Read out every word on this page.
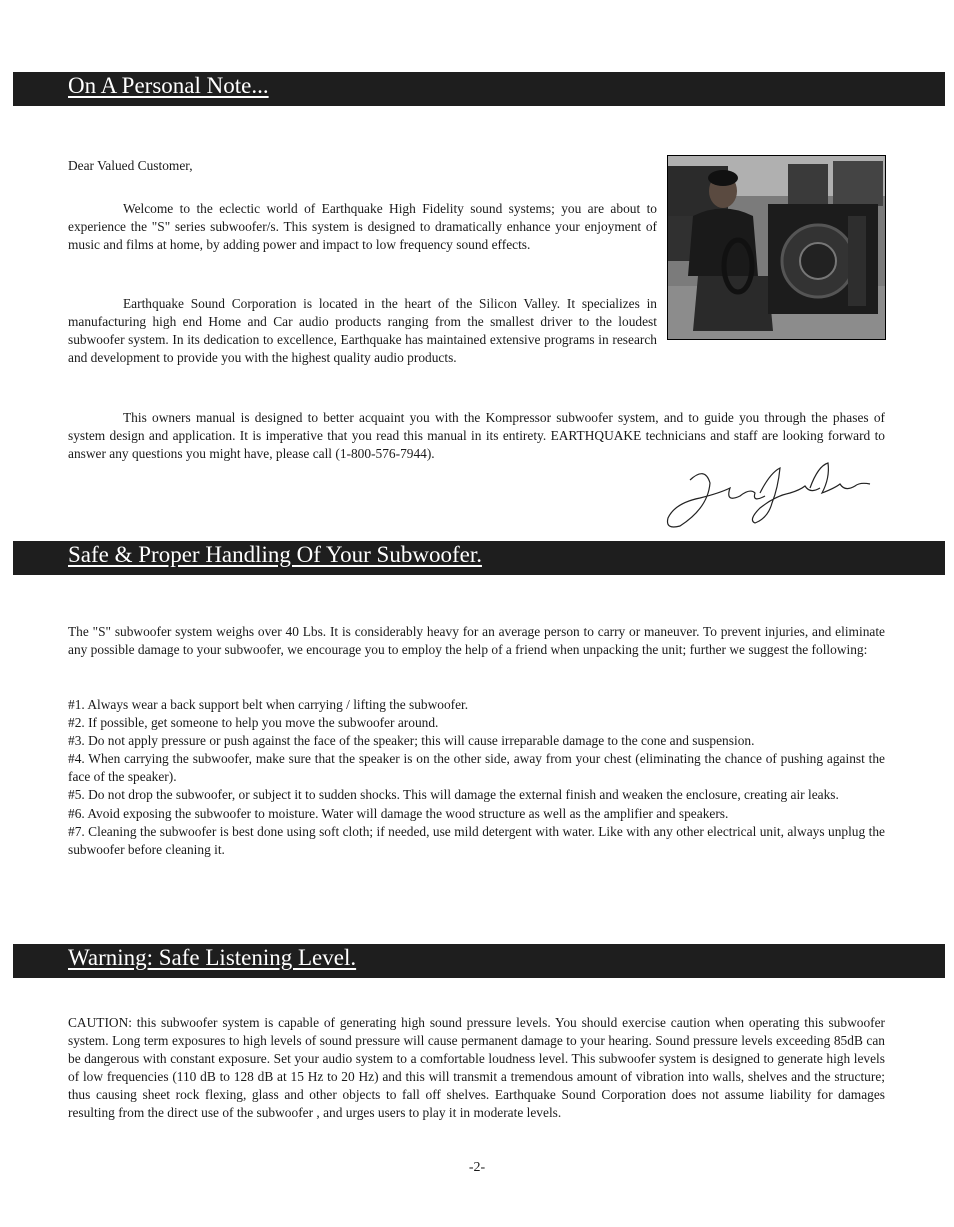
On A Personal Note...

Dear Valued Customer,

Welcome to the eclectic world of Earthquake High Fidelity sound systems; you are about to experience the "S" series subwoofer/s. This system is designed to dramatically enhance your enjoyment of music and films at home, by adding power and impact to low frequency sound effects.

Earthquake Sound Corporation is located in the heart of the Silicon Valley. It specializes in manufacturing high end Home and Car audio products ranging from the smallest driver to the loudest subwoofer system. In its dedication to excellence, Earthquake has maintained extensive programs in research and development to provide you with the highest quality audio products.

This owners manual is designed to better acquaint you with the Kompressor subwoofer system, and to guide you through the phases of system design and application. It is imperative that you read this manual in its entirety. EARTHQUAKE technicians and staff are looking forward to answer any questions you might have, please call (1-800-576-7944).

Safe & Proper Handling Of Your Subwoofer.

The "S" subwoofer system weighs over 40 Lbs. It is considerably heavy for an average person to carry or maneuver. To prevent injuries, and eliminate any possible damage to your subwoofer, we encourage you to employ the help of a friend when unpacking the unit; further we suggest the following:

#1. Always wear a back support belt when carrying / lifting the subwoofer.
#2. If possible, get someone to help you move the subwoofer around.
#3. Do not apply pressure or push against the face of the speaker; this will cause irreparable damage to the cone and suspension.
#4. When carrying the subwoofer, make sure that the speaker is on the other side, away from your chest (eliminating the chance of pushing against the face of the speaker).
#5. Do not drop the subwoofer, or subject it to sudden shocks. This will damage the external finish and weaken the enclosure, creating air leaks.
#6. Avoid exposing the subwoofer to moisture. Water will damage the wood structure as well as the amplifier and speakers.
#7. Cleaning the subwoofer is best done using soft cloth; if needed, use mild detergent with water. Like with any other electrical unit, always unplug the subwoofer before cleaning it.
Warning: Safe Listening Level.

CAUTION: this subwoofer system is capable of generating high sound pressure levels. You should exercise caution when operating this subwoofer system. Long term exposures to high levels of sound pressure will cause permanent damage to your hearing. Sound pressure levels exceeding 85dB can be dangerous with constant exposure. Set your audio system to a comfortable loudness level. This subwoofer system is designed to generate high levels of low frequencies (110 dB to 128 dB at 15 Hz to 20 Hz) and this will transmit a tremendous amount of vibration into walls, shelves and the structure; thus causing sheet rock flexing, glass and other objects to fall off shelves. Earthquake Sound Corporation does not assume liability for damages resulting from the direct use of the subwoofer , and urges users to play it in moderate levels.

-2-
